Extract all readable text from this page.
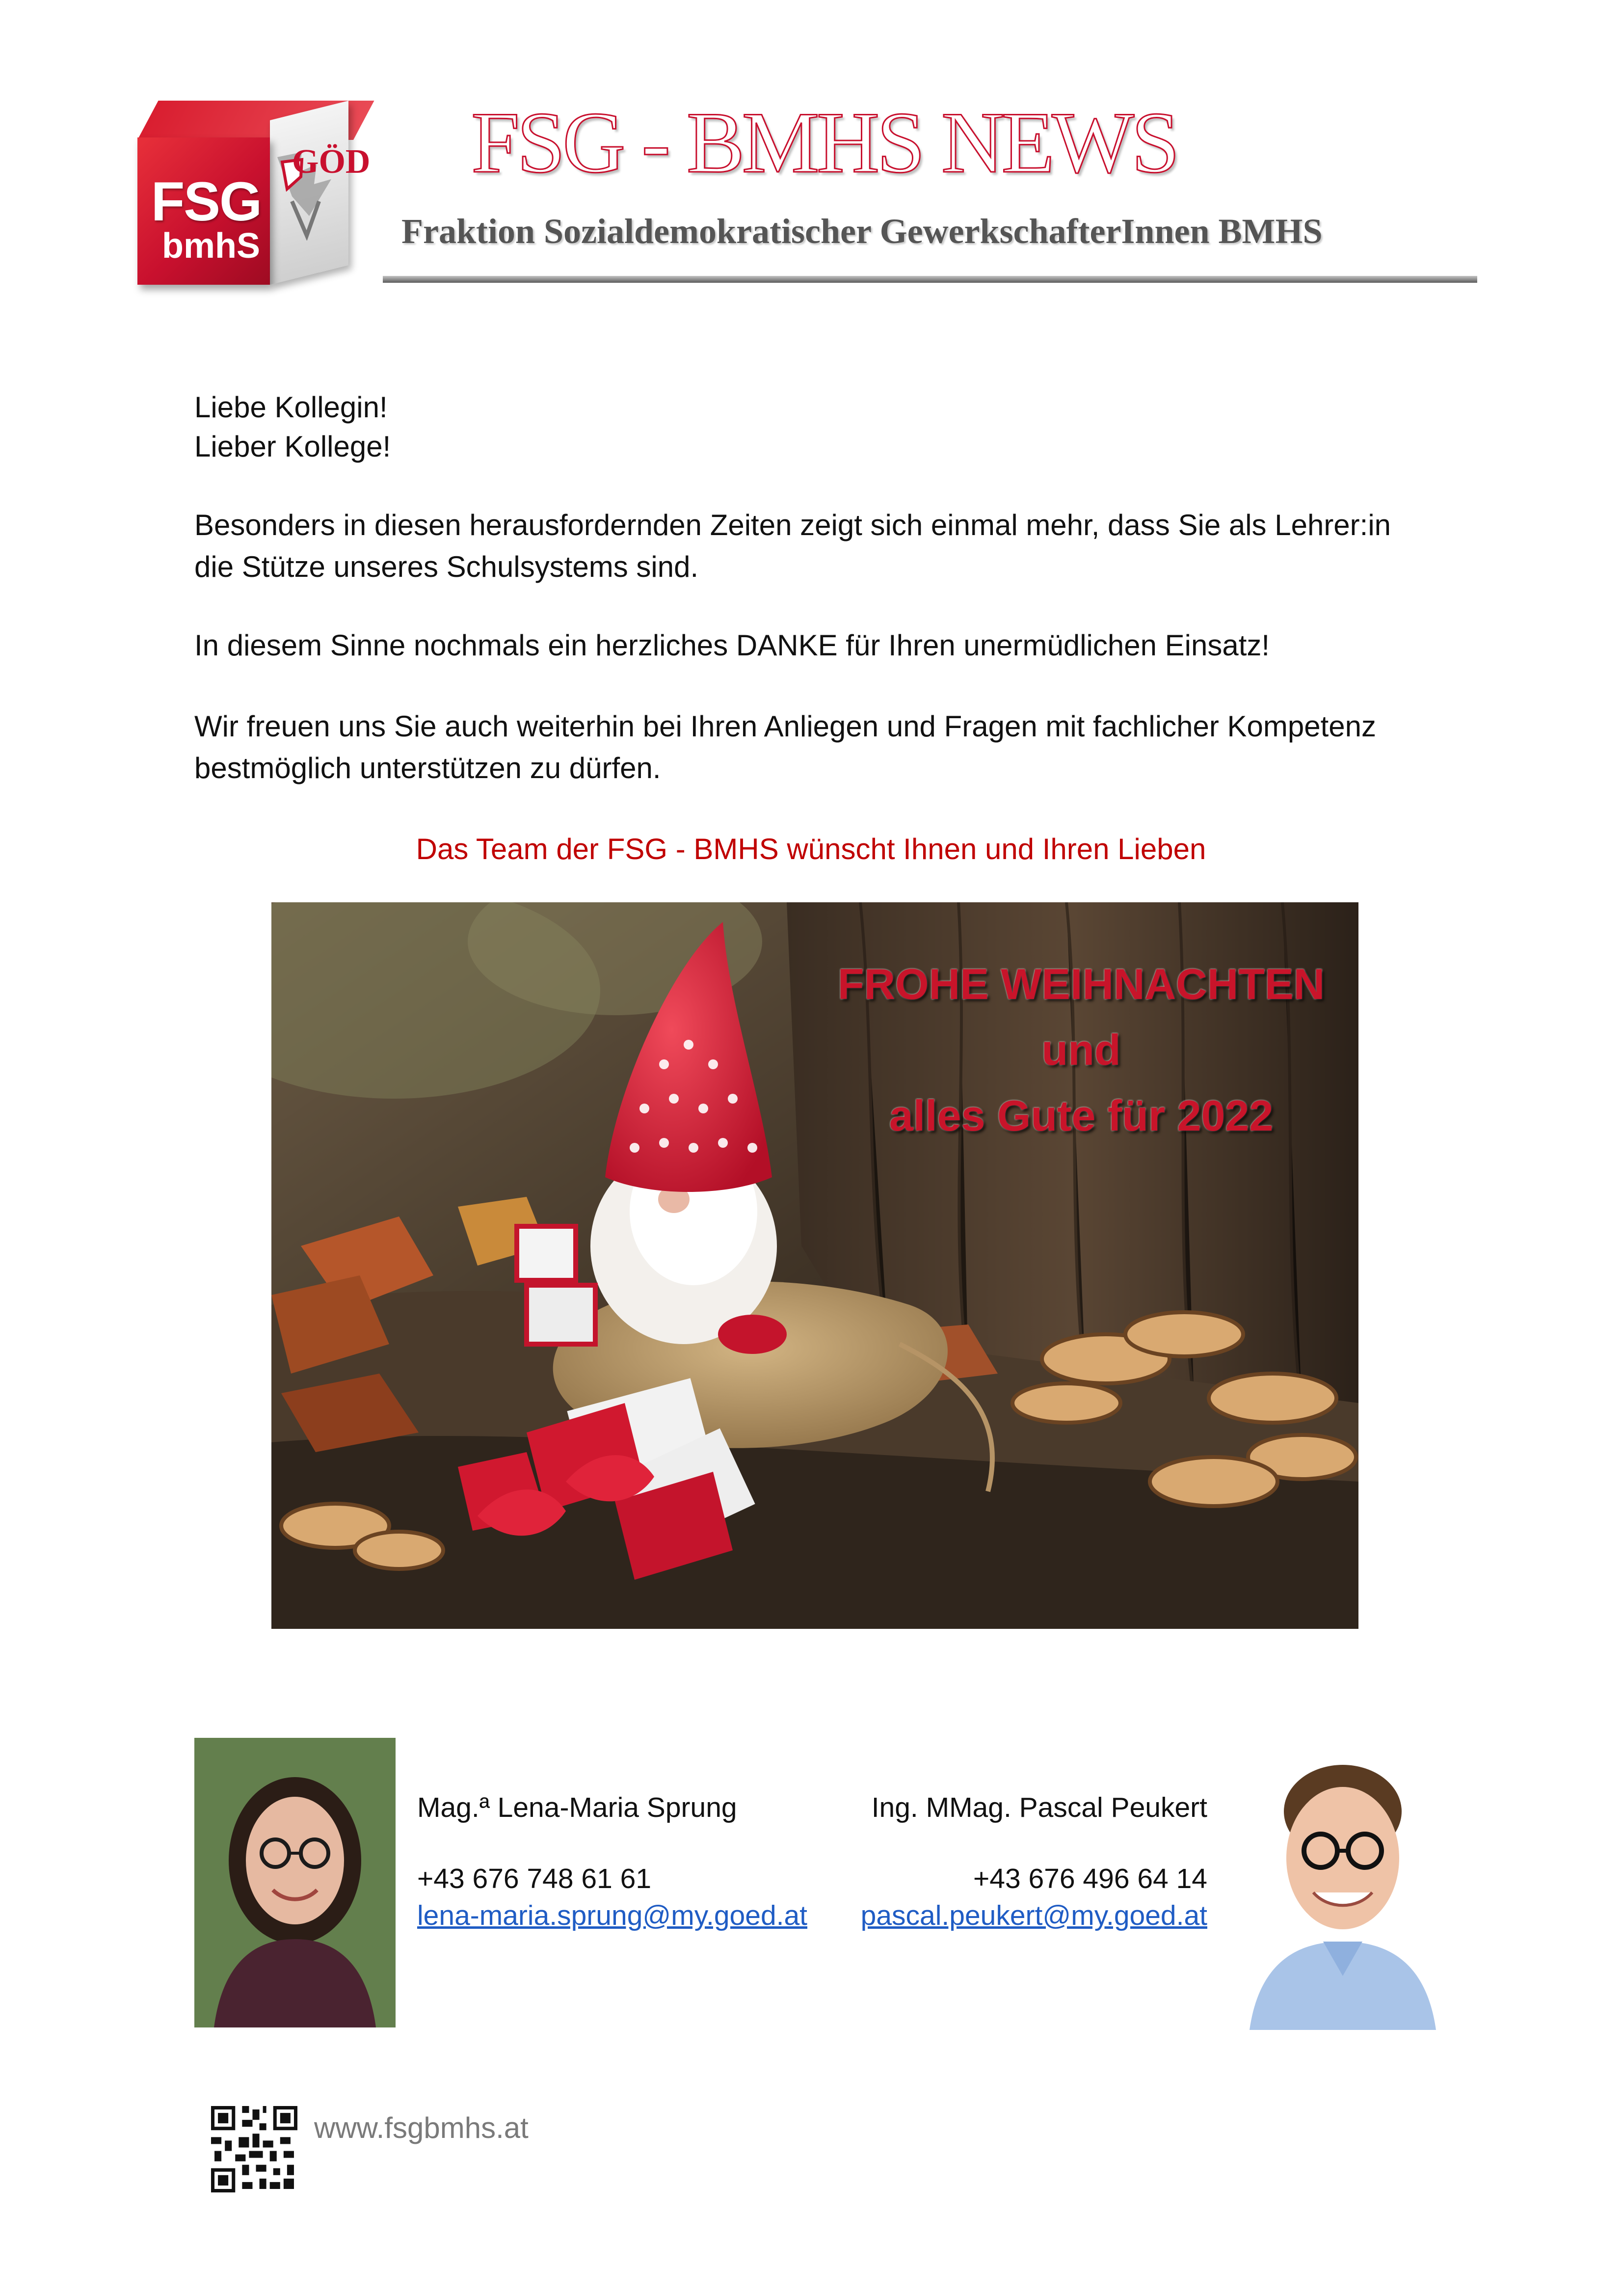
FSG
bmhS
GÖD FSG - BMHS NEWS
Fraktion Sozialdemokratischer GewerkschafterInnen BMHS
Liebe Kollegin!
Lieber Kollege!
Besonders in diesen herausfordernden Zeiten zeigt sich einmal mehr, dass Sie als Lehrer:in
die Stütze unseres Schulsystems sind.
In diesem Sinne nochmals ein herzliches DANKE für Ihren unermüdlichen Einsatz!
Wir freuen uns Sie auch weiterhin bei Ihren Anliegen und Fragen mit fachlicher Kompetenz
bestmöglich unterstützen zu dürfen.
Das Team der FSG - BMHS wünscht Ihnen und Ihren Lieben
FROHE WEIHNACHTEN
und
alles Gute für 2022
Mag.ª Lena-Maria Sprung
+43 676 748 61 61
lena-maria.sprung@my.goed.at
Ing. MMag. Pascal Peukert
+43 676 496 64 14
pascal.peukert@my.goed.at
www.fsgbmhs.at
